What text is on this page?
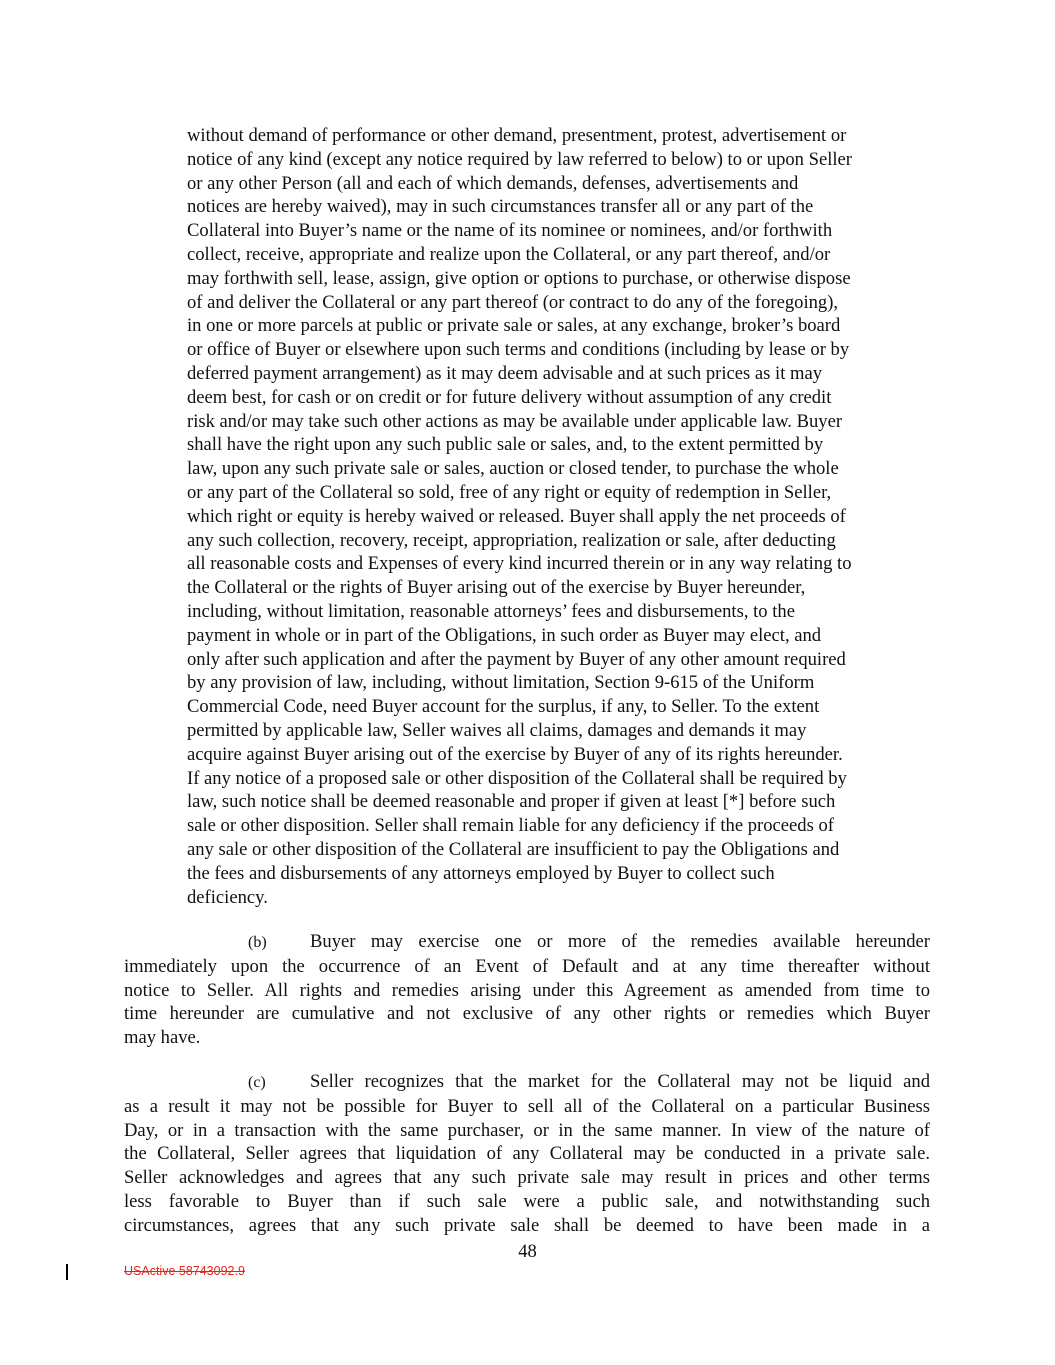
without demand of performance or other demand, presentment, protest, advertisement or
notice of any kind (except any notice required by law referred to below) to or upon Seller
or any other Person (all and each of which demands, defenses, advertisements and
notices are hereby waived), may in such circumstances transfer all or any part of the
Collateral into Buyer’s name or the name of its nominee or nominees, and/or forthwith
collect, receive, appropriate and realize upon the Collateral, or any part thereof, and/or
may forthwith sell, lease, assign, give option or options to purchase, or otherwise dispose
of and deliver the Collateral or any part thereof (or contract to do any of the foregoing),
in one or more parcels at public or private sale or sales, at any exchange, broker’s board
or office of Buyer or elsewhere upon such terms and conditions (including by lease or by
deferred payment arrangement) as it may deem advisable and at such prices as it may
deem best, for cash or on credit or for future delivery without assumption of any credit
risk and/or may take such other actions as may be available under applicable law. Buyer
shall have the right upon any such public sale or sales, and, to the extent permitted by
law, upon any such private sale or sales, auction or closed tender, to purchase the whole
or any part of the Collateral so sold, free of any right or equity of redemption in Seller,
which right or equity is hereby waived or released. Buyer shall apply the net proceeds of
any such collection, recovery, receipt, appropriation, realization or sale, after deducting
all reasonable costs and Expenses of every kind incurred therein or in any way relating to
the Collateral or the rights of Buyer arising out of the exercise by Buyer hereunder,
including, without limitation, reasonable attorneys’ fees and disbursements, to the
payment in whole or in part of the Obligations, in such order as Buyer may elect, and
only after such application and after the payment by Buyer of any other amount required
by any provision of law, including, without limitation, Section 9-615 of the Uniform
Commercial Code, need Buyer account for the surplus, if any, to Seller. To the extent
permitted by applicable law, Seller waives all claims, damages and demands it may
acquire against Buyer arising out of the exercise by Buyer of any of its rights hereunder.
If any notice of a proposed sale or other disposition of the Collateral shall be required by
law, such notice shall be deemed reasonable and proper if given at least [*] before such
sale or other disposition. Seller shall remain liable for any deficiency if the proceeds of
any sale or other disposition of the Collateral are insufficient to pay the Obligations and
the fees and disbursements of any attorneys employed by Buyer to collect such
deficiency.
(b) Buyer may exercise one or more of the remedies available hereunder
immediately upon the occurrence of an Event of Default and at any time thereafter without
notice to Seller. All rights and remedies arising under this Agreement as amended from time to
time hereunder are cumulative and not exclusive of any other rights or remedies which Buyer
may have.
(c) Seller recognizes that the market for the Collateral may not be liquid and
as a result it may not be possible for Buyer to sell all of the Collateral on a particular Business
Day, or in a transaction with the same purchaser, or in the same manner. In view of the nature of
the Collateral, Seller agrees that liquidation of any Collateral may be conducted in a private sale.
Seller acknowledges and agrees that any such private sale may result in prices and other terms
less favorable to Buyer than if such sale were a public sale, and notwithstanding such
circumstances, agrees that any such private sale shall be deemed to have been made in a
48
USActive 58743092.9
